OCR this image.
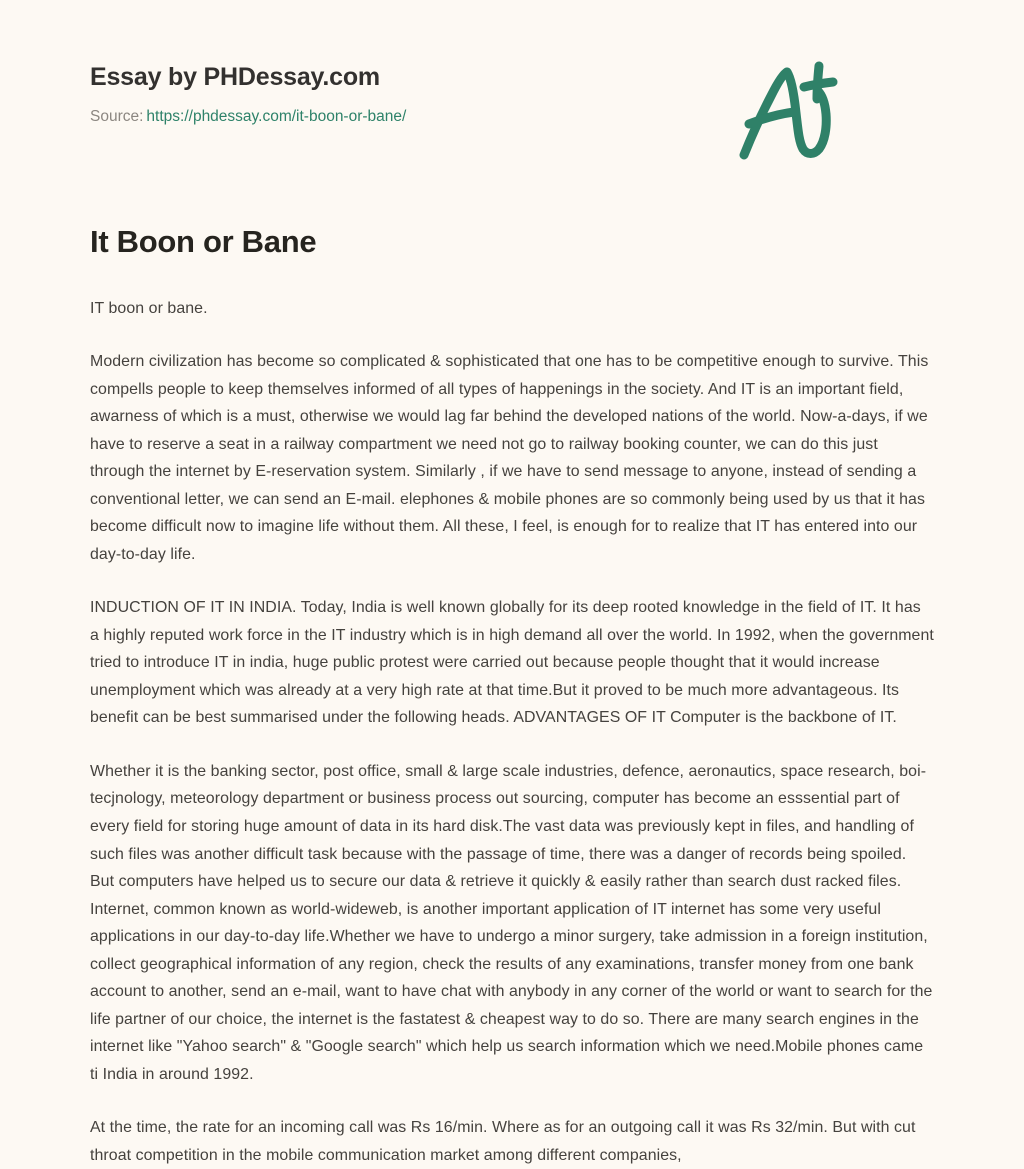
Essay by PHDessay.com
Source: https://phdessay.com/it-boon-or-bane/
It Boon or Bane

IT boon or bane.

Modern civilization has become so complicated & sophisticated that one has to be competitive enough to survive. This compells people to keep themselves informed of all types of happenings in the society. And IT is an important field, awarness of which is a must, otherwise we would lag far behind the developed nations of the world. Now-a-days, if we have to reserve a seat in a railway compartment we need not go to railway booking counter, we can do this just through the internet by E-reservation system. Similarly , if we have to send message to anyone, instead of sending a conventional letter, we can send an E-mail. elephones & mobile phones are so commonly being used by us that it has become difficult now to imagine life without them. All these, I feel, is enough for to realize that IT has entered into our day-to-day life.

INDUCTION OF IT IN INDIA. Today, India is well known globally for its deep rooted knowledge in the field of IT. It has a highly reputed work force in the IT industry which is in high demand all over the world. In 1992, when the government tried to introduce IT in india, huge public protest were carried out because people thought that it would increase unemployment which was already at a very high rate at that time.But it proved to be much more advantageous. Its benefit can be best summarised under the following heads. ADVANTAGES OF IT Computer is the backbone of IT.

Whether it is the banking sector, post office, small & large scale industries, defence, aeronautics, space research, boi-tecjnology, meteorology department or business process out sourcing, computer has become an esssential part of every field for storing huge amount of data in its hard disk.The vast data was previously kept in files, and handling of such files was another difficult task because with the passage of time, there was a danger of records being spoiled. But computers have helped us to secure our data & retrieve it quickly & easily rather than search dust racked files. Internet, common known as world-wideweb, is another important application of IT internet has some very useful applications in our day-to-day life.Whether we have to undergo a minor surgery, take admission in a foreign institution, collect geographical information of any region, check the results of any examinations, transfer money from one bank account to another, send an e-mail, want to have chat with anybody in any corner of the world or want to search for the life partner of our choice, the internet is the fastatest & cheapest way to do so. There are many search engines in the internet like "Yahoo search" & "Google search" which help us search information which we need.Mobile phones came ti India in around 1992.

At the time, the rate for an incoming call was Rs 16/min. Where as for an outgoing call it was Rs 32/min. But with cut throat competition in the mobile communication market among different companies,
